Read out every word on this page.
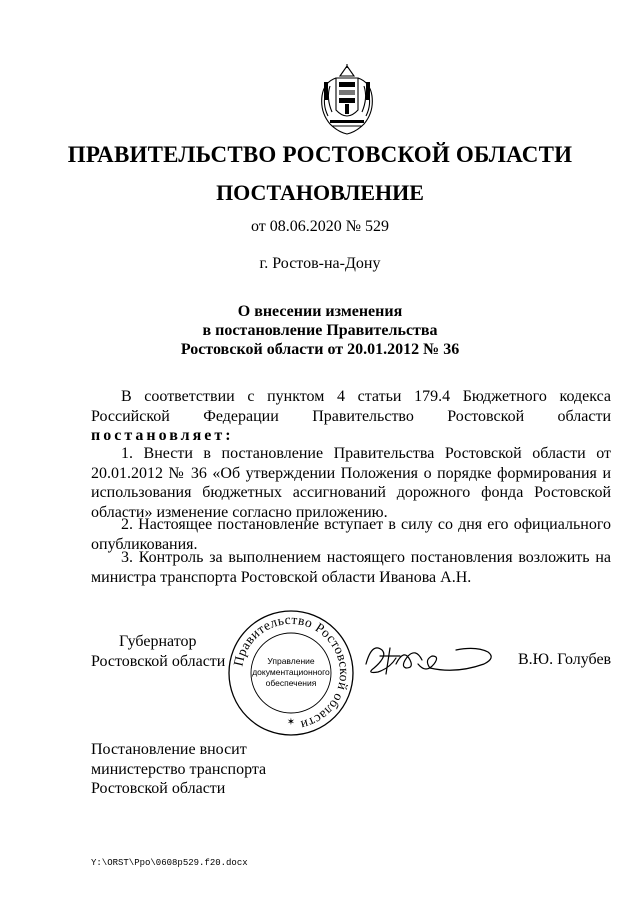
ПРАВИТЕЛЬСТВО РОСТОВСКОЙ ОБЛАСТИ
ПОСТАНОВЛЕНИЕ
от 08.06.2020 № 529
г. Ростов-на-Дону
О внесении изменения
в постановление Правительства
Ростовской области от 20.01.2012 № 36
В соответствии с пунктом 4 статьи 179.4 Бюджетного кодекса Российской Федерации Правительство Ростовской области постановляет:
1. Внести в постановление Правительства Ростовской области от 20.01.2012 № 36 «Об утверждении Положения о порядке формирования и использования бюджетных ассигнований дорожного фонда Ростовской области» изменение согласно приложению.
2. Настоящее постановление вступает в силу со дня его официального опубликования.
3. Контроль за выполнением настоящего постановления возложить на министра транспорта Ростовской области Иванова А.Н.
Губернатор
Ростовской области Правительство Ростовской области
Управление
документационного
обеспечения
✶
В.Ю. Голубев
Постановление вносит
министерство транспорта
Ростовской области
Y:\ORST\Ppo\0608p529.f20.docx
